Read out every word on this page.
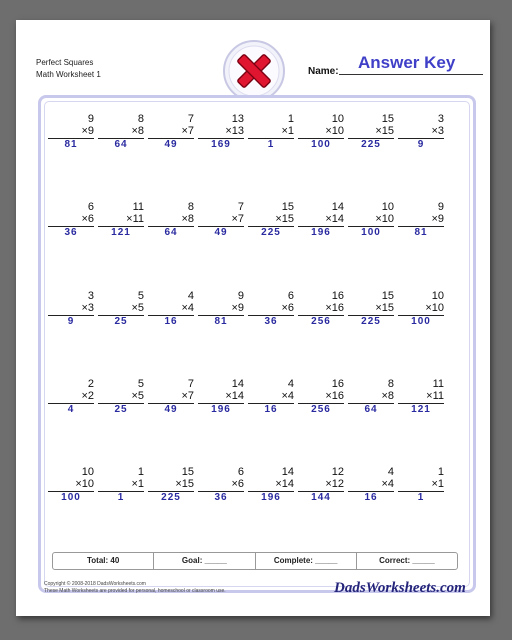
Perfect Squares
Math Worksheet 1	Name: Answer Key
9
×9
81
8
×8
64
7
×7
49
13
×13
169
1
×1
1
10
×10
100
15
×15
225
3
×3
9
6
×6
36
11
×11
121
8
×8
64
7
×7
49
15
×15
225
14
×14
196
10
×10
100
9
×9
81
3
×3
9
5
×5
25
4
×4
16
9
×9
81
6
×6
36
16
×16
256
15
×15
225
10
×10
100
2
×2
4
5
×5
25
7
×7
49
14
×14
196
4
×4
16
16
×16
256
8
×8
64
11
×11
121
10
×10
100
1
×1
1
15
×15
225
6
×6
36
14
×14
196
12
×12
144
4
×4
16
1
×1
1
Total: 40	Goal: _____	Complete: _____	Correct: _____
Copyright © 2008-2018 DadsWorksheets.com
These Math Worksheets are provided for personal, homeschool or classroom use.	DadsWorksheets.com
